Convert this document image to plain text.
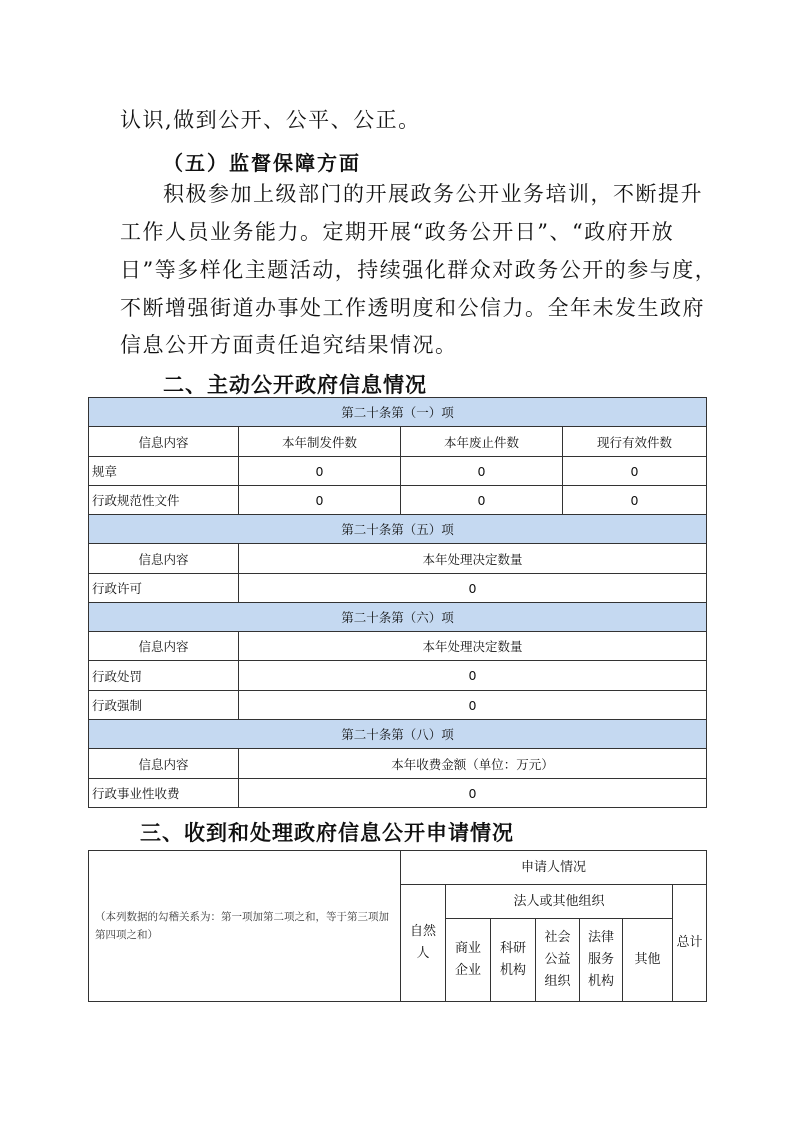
认识,做到公开、公平、公正。
（五）监督保障方面
积极参加上级部门的开展政务公开业务培训，不断提升
工作人员业务能力。定期开展“政务公开日”、“政府开放
日”等多样化主题活动，持续强化群众对政务公开的参与度，
不断增强街道办事处工作透明度和公信力。全年未发生政府
信息公开方面责任追究结果情况。
二、主动公开政府信息情况
第二十条第（一）项			
信息内容	本年制发件数	本年废止件数	现行有效件数
规章	0	0	0
行政规范性文件	0	0	0
第二十条第（五）项			
信息内容	本年处理决定数量		
行政许可	0		
第二十条第（六）项			
信息内容	本年处理决定数量		
行政处罚	0		
行政强制	0		
第二十条第（八）项			
信息内容	本年收费金额（单位：万元）		
行政事业性收费	0		
三、收到和处理政府信息公开申请情况
（本列数据的勾稽关系为：第一项加第二项之和，等于第三项加第四项之和）	申请人情况						
	自然人	法人或其他组织					总计
		商业企业	科研机构	社会公益组织	法律服务机构	其他	
